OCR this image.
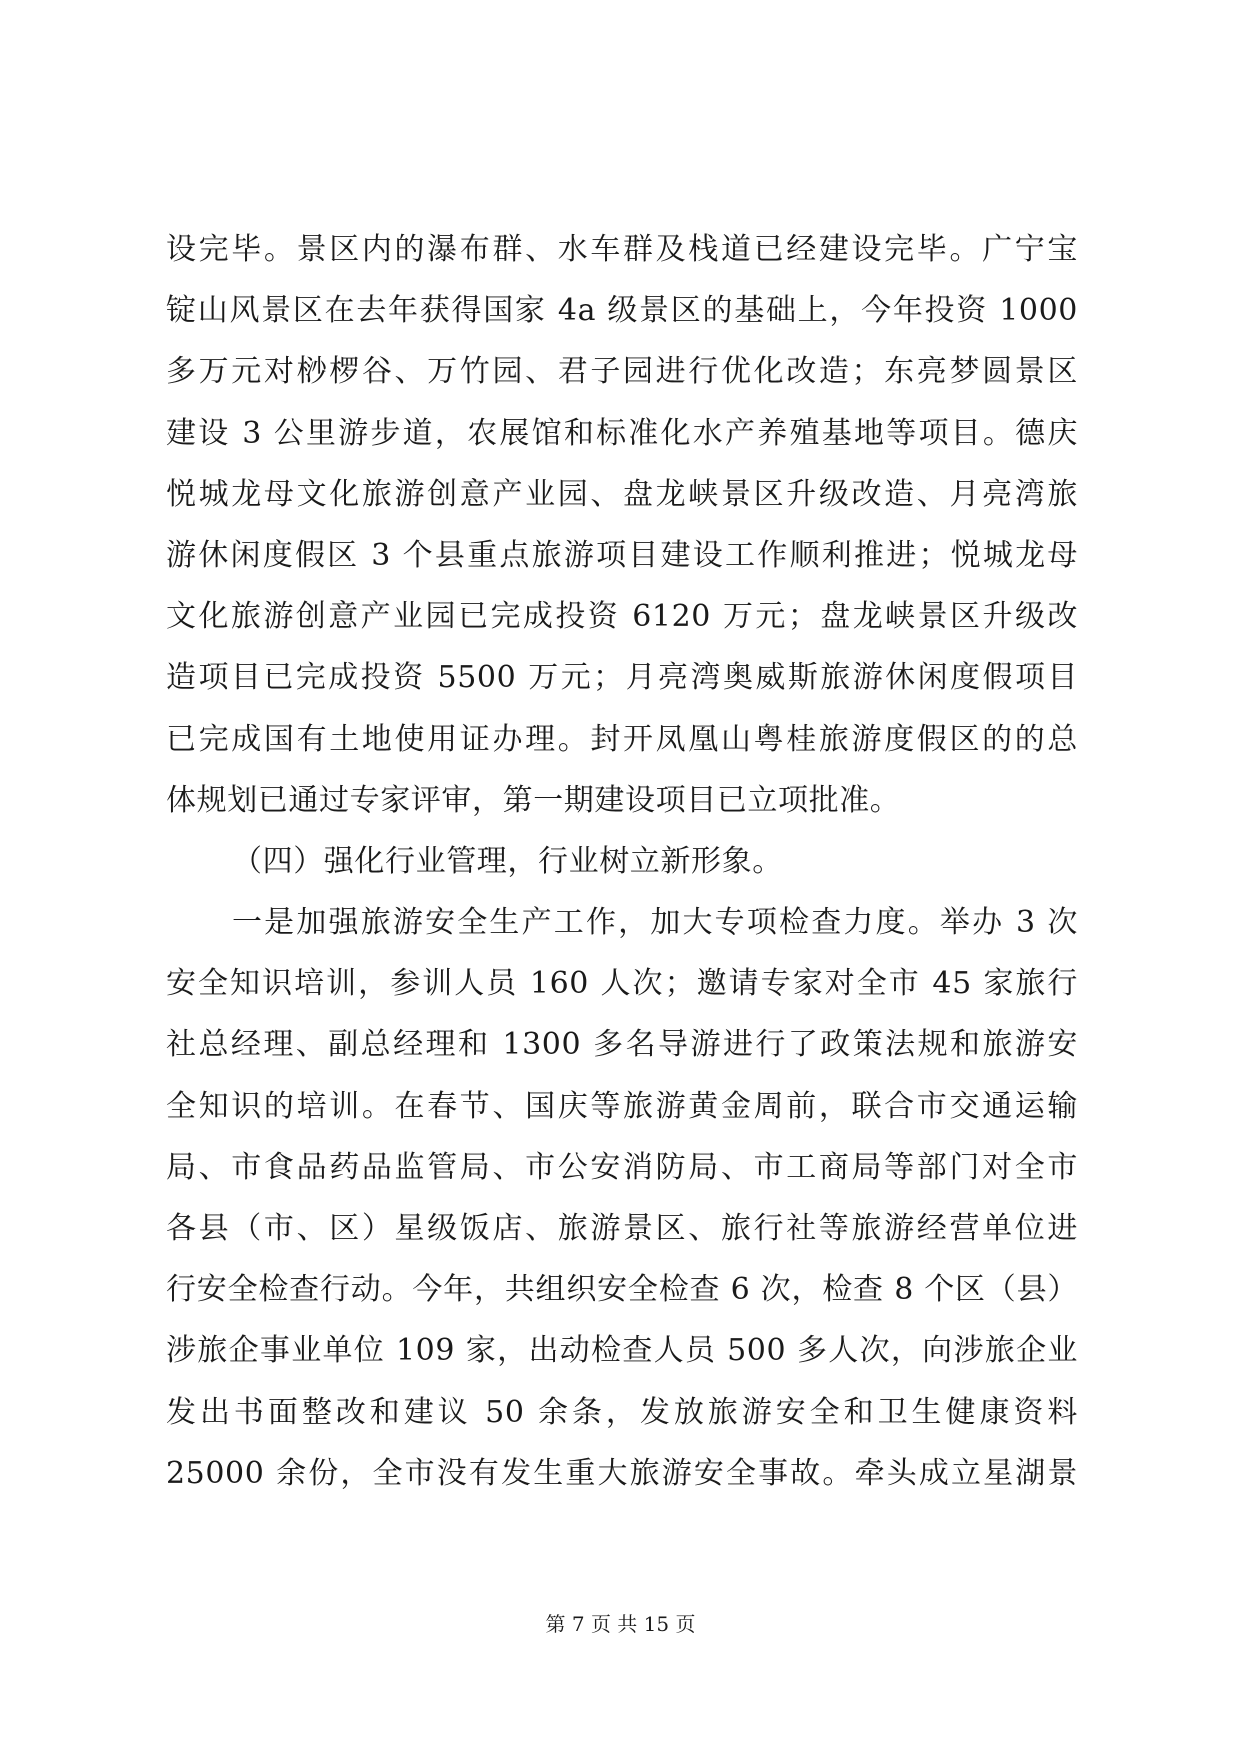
设完毕。景区内的瀑布群、水车群及栈道已经建设完毕。广宁宝
锭山风景区在去年获得国家 4a 级景区的基础上，今年投资 1000
多万元对桫椤谷、万竹园、君子园进行优化改造；东亮梦圆景区
建设 3 公里游步道，农展馆和标准化水产养殖基地等项目。德庆
悦城龙母文化旅游创意产业园、盘龙峡景区升级改造、月亮湾旅
游休闲度假区 3 个县重点旅游项目建设工作顺利推进；悦城龙母
文化旅游创意产业园已完成投资 6120 万元；盘龙峡景区升级改
造项目已完成投资 5500 万元；月亮湾奥威斯旅游休闲度假项目
已完成国有土地使用证办理。封开凤凰山粤桂旅游度假区的的总
体规划已通过专家评审，第一期建设项目已立项批准。
（四）强化行业管理，行业树立新形象。
一是加强旅游安全生产工作，加大专项检查力度。举办 3 次
安全知识培训，参训人员 160 人次；邀请专家对全市 45 家旅行
社总经理、副总经理和 1300 多名导游进行了政策法规和旅游安
全知识的培训。在春节、国庆等旅游黄金周前，联合市交通运输
局、市食品药品监管局、市公安消防局、市工商局等部门对全市
各县（市、区）星级饭店、旅游景区、旅行社等旅游经营单位进
行安全检查行动。今年，共组织安全检查 6 次，检查 8 个区（县）
涉旅企事业单位 109 家，出动检查人员 500 多人次，向涉旅企业
发出书面整改和建议 50 余条，发放旅游安全和卫生健康资料
25000 余份，全市没有发生重大旅游安全事故。牵头成立星湖景
第 7 页 共 15 页
